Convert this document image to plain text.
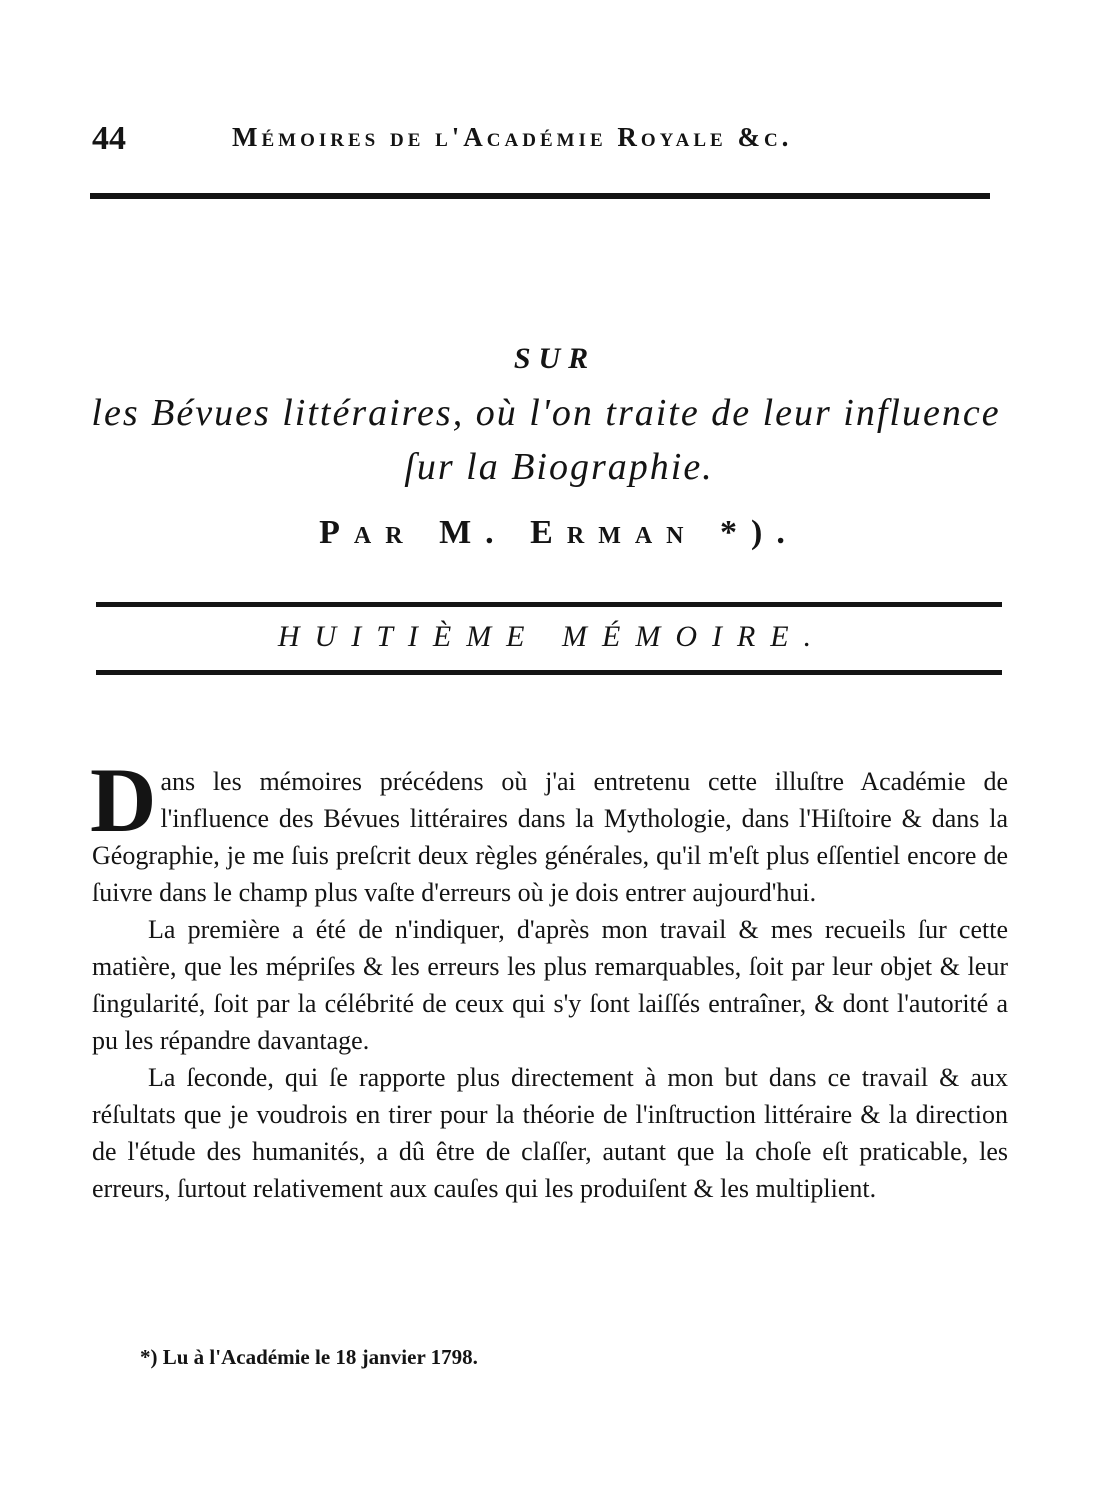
44	Mémoires de l'Académie Royale &c.
SUR
les Bévues littéraires, où l'on traite de leur influence
ſur la Biographie.
Par M. Erman *).
HUITIÈME MÉMOIRE.

Dans les mémoires précédens où j'ai entretenu cette illuſtre Académie de l'influence des Bévues littéraires dans la Mythologie, dans l'Hiſtoire & dans la Géographie, je me ſuis preſcrit deux règles générales, qu'il m'eſt plus eſſentiel encore de ſuivre dans le champ plus vaſte d'erreurs où je dois entrer aujourd'hui.

La première a été de n'indiquer, d'après mon travail & mes recueils ſur cette matière, que les mépriſes & les erreurs les plus remarquables, ſoit par leur objet & leur ſingularité, ſoit par la célébrité de ceux qui s'y ſont laiſſés entraîner, & dont l'autorité a pu les répandre davantage.

La ſeconde, qui ſe rapporte plus directement à mon but dans ce travail & aux réſultats que je voudrois en tirer pour la théorie de l'inſtruction littéraire & la direction de l'étude des humanités, a dû être de claſſer, autant que la choſe eſt praticable, les erreurs, ſurtout relativement aux cauſes qui les produiſent & les multiplient.

*) Lu à l'Académie le 18 janvier 1798.
